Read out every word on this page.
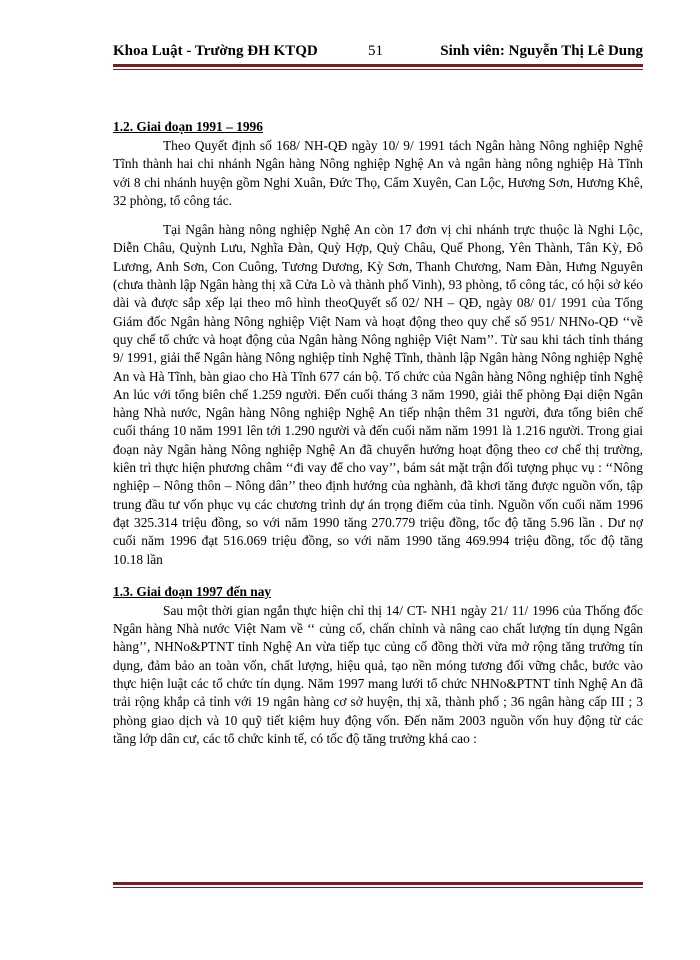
Khoa Luật - Trường ĐH KTQD	51	Sinh viên: Nguyễn Thị Lê Dung
1.2. Giai đoạn 1991 – 1996

Theo Quyết định số 168/ NH-QĐ ngày 10/ 9/ 1991 tách Ngân hàng Nông nghiệp Nghệ Tĩnh thành hai chi nhánh Ngân hàng Nông nghiệp Nghệ An và ngân hàng nông nghiệp Hà Tĩnh với 8 chi nhánh huyện gồm Nghi Xuân, Đức Thọ, Cẩm Xuyên, Can Lộc, Hương Sơn, Hương Khê, 32 phòng, tổ công tác.

Tại Ngân hàng nông nghiệp Nghệ An còn 17 đơn vị chi nhánh trực thuộc là Nghi Lộc, Diễn Châu, Quỳnh Lưu, Nghĩa Đàn, Quỳ Hợp, Quỳ Châu, Quế Phong, Yên Thành, Tân Kỳ, Đô Lương, Anh Sơn, Con Cuông, Tương Dương, Kỳ Sơn, Thanh Chương, Nam Đàn, Hưng Nguyên (chưa thành lập Ngân hàng thị xã Cửa Lò và thành phố Vinh), 93 phòng, tổ công tác, có hội sở kéo dài và được sắp xếp lại theo mô hình theoQuyết số 02/ NH – QĐ, ngày 08/ 01/ 1991 của Tổng Giám đốc Ngân hàng Nông nghiệp Việt Nam và hoạt động theo quy chế số 951/ NHNo-QĐ ‘‘về quy chế tổ chức và hoạt động của Ngân hàng Nông nghiệp Việt Nam’’. Từ sau khi tách tỉnh tháng 9/ 1991, giải thể Ngân hàng Nông nghiệp tỉnh Nghệ Tĩnh, thành lập Ngân hàng Nông nghiệp Nghệ An và Hà Tĩnh, bàn giao cho Hà Tĩnh 677 cán bộ. Tổ chức của Ngân hàng Nông nghiệp tỉnh Nghệ An lúc với tổng biên chế 1.259 người. Đến cuối tháng 3 năm 1990, giải thể phòng Đại diện Ngân hàng Nhà nước, Ngân hàng Nông nghiệp Nghệ An tiếp nhận thêm 31 người, đưa tổng biên chế cuối tháng 10 năm 1991 lên tới 1.290 người và đến cuối năm năm 1991 là 1.216 người. Trong giai đoạn này Ngân hàng Nông nghiệp Nghệ An đã chuyển hướng hoạt động theo cơ chế thị trường, kiên trì thực hiện phương châm ‘‘đi vay để cho vay’’, bám sát mặt trận đối tượng phục vụ : ‘‘Nông nghiệp – Nông thôn – Nông dân’’ theo định hướng của nghành, đã khơi tăng được nguồn vốn, tập trung đầu tư vốn phục vụ các chương trình dự án trọng điểm của tỉnh. Nguồn vốn cuối năm 1996 đạt 325.314 triệu đồng, so với năm 1990 tăng 270.779 triệu đồng, tốc độ tăng 5.96 lần . Dư nợ cuối năm 1996 đạt 516.069 triệu đồng, so với năm 1990 tăng 469.994 triệu đồng, tốc độ tăng 10.18 lần

1.3. Giai đoạn 1997 đến nay

Sau một thời gian ngắn thực hiện chỉ thị 14/ CT- NH1 ngày 21/ 11/ 1996 của Thống đốc Ngân hàng Nhà nước Việt Nam về ‘‘ củng cố, chấn chỉnh và nâng cao chất lượng tín dụng Ngân hàng’’, NHNo&PTNT tỉnh Nghệ An vừa tiếp tục củng cố đồng thời vừa mở rộng tăng trưởng tín dụng, đảm bảo an toàn vốn, chất lượng, hiệu quả, tạo nền móng tương đối vững chắc, bước vào thực hiện luật các tổ chức tín dụng. Năm 1997 mang lưới tổ chức NHNo&PTNT tỉnh Nghệ An đã trải rộng khắp cả tỉnh với 19 ngân hàng cơ sở huyện, thị xã, thành phố ; 36 ngân hàng cấp III ; 3 phòng giao dịch và 10 quỹ tiết kiệm huy động vốn. Đến năm 2003 nguồn vốn huy động từ các tầng lớp dân cư, các tổ chức kinh tế, có tốc độ tăng trưởng khá cao :
